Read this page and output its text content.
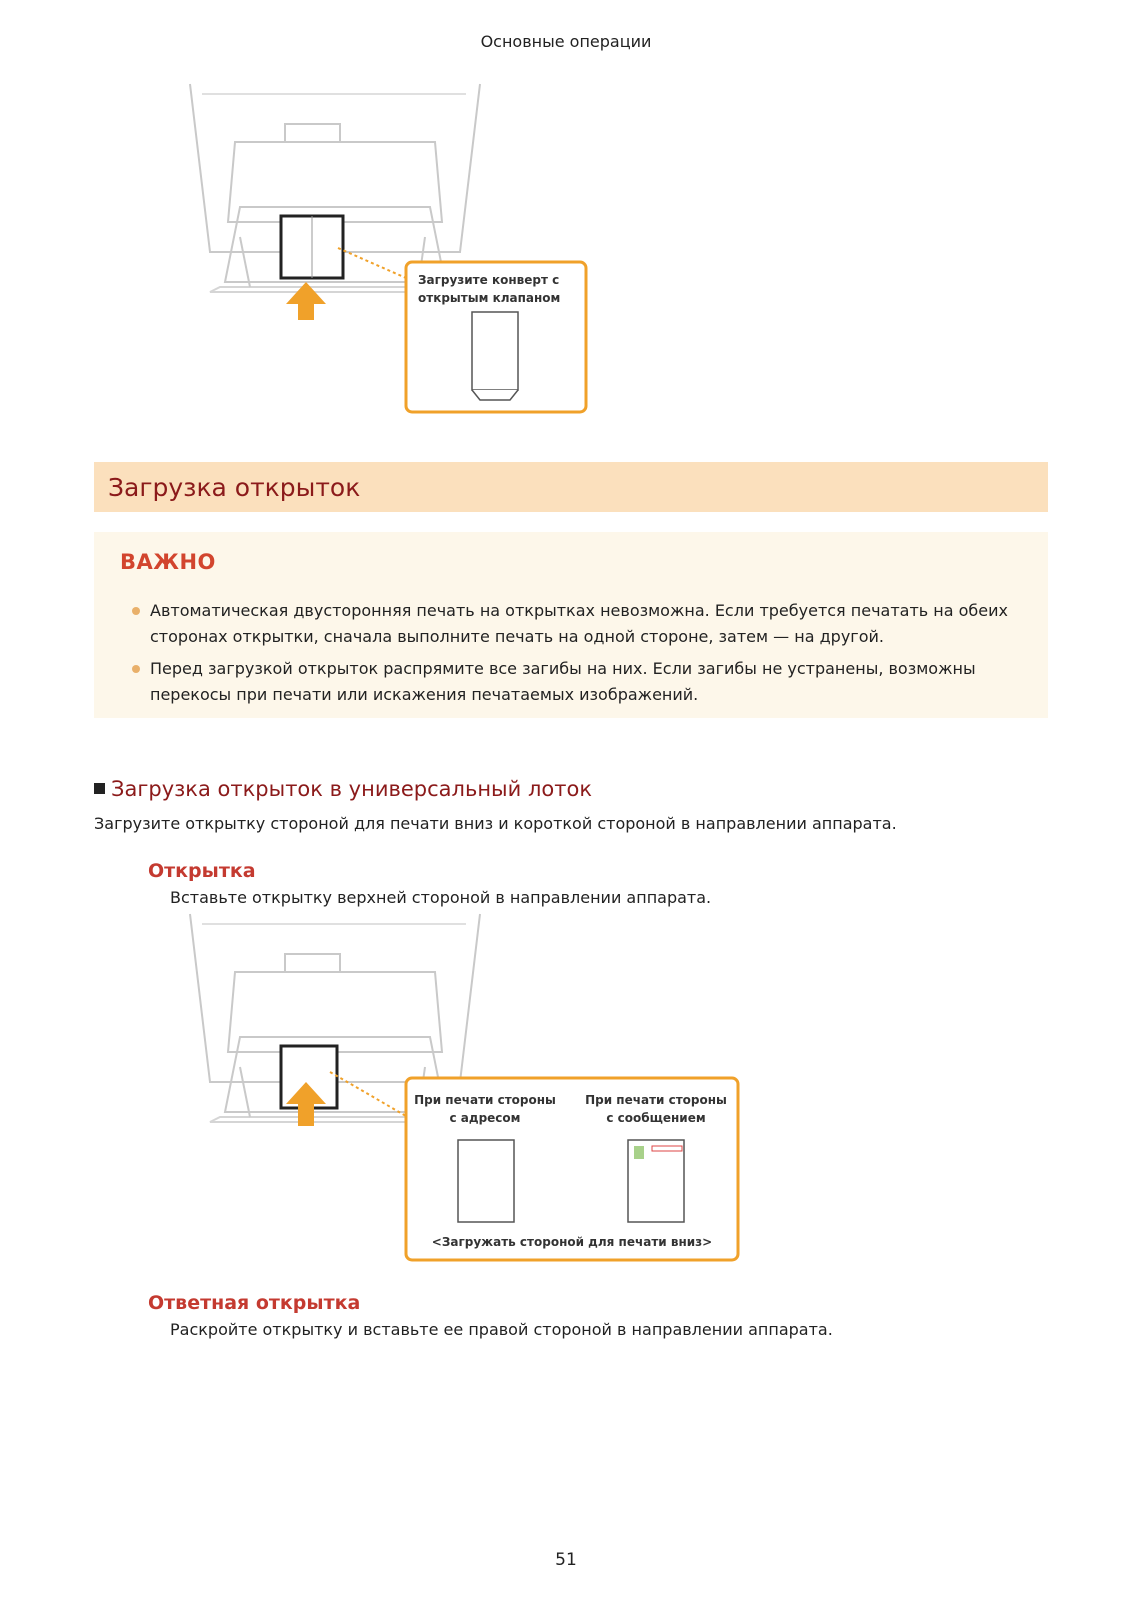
Основные операции
Загрузите конверт с
открытым клапаном
Загрузка открыток
ВАЖНО
Автоматическая двусторонняя печать на открытках невозможна. Если требуется печатать на обеих
сторонах открытки, сначала выполните печать на одной стороне, затем — на другой.
Перед загрузкой открыток распрямите все загибы на них. Если загибы не устранены, возможны
перекосы при печати или искажения печатаемых изображений.
Загрузка открыток в универсальный лоток
Загрузите открытку стороной для печати вниз и короткой стороной в направлении аппарата.
Открытка
Вставьте открытку верхней стороной в направлении аппарата.
При печати стороны
с адресом
При печати стороны
с сообщением
<Загружать стороной для печати вниз>
Ответная открытка
Раскройте открытку и вставьте ее правой стороной в направлении аппарата.
51
